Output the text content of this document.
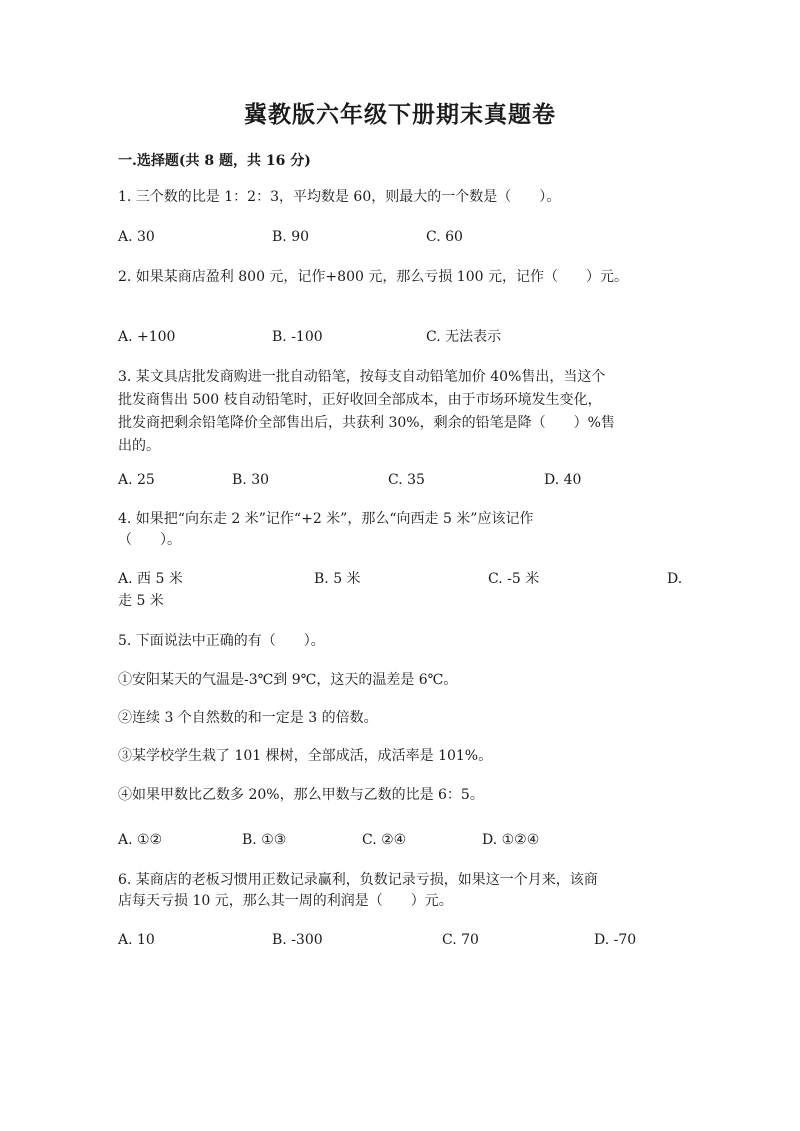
冀教版六年级下册期末真题卷
一.选择题(共 8 题，共 16 分)
1. 三个数的比是 1：2：3，平均数是 60，则最大的一个数是（　　）。
A. 30	B. 90	C. 60
2. 如果某商店盈利 800 元，记作+800 元，那么亏损 100 元，记作（　　）元。
A. +100	B. -100	C. 无法表示
3. 某文具店批发商购进一批自动铅笔，按每支自动铅笔加价 40%售出，当这个
批发商售出 500 枝自动铅笔时，正好收回全部成本，由于市场环境发生变化，
批发商把剩余铅笔降价全部售出后，共获利 30%，剩余的铅笔是降（　　）%售
出的。
A. 25	B. 30	C. 35	D. 40
4. 如果把“向东走 2 米”记作“+2 米”，那么“向西走 5 米”应该记作
（　　）。
A. 西 5 米	B. 5 米	C. -5 米	D.
走 5 米
5. 下面说法中正确的有（　　）。
①安阳某天的气温是-3℃到 9℃，这天的温差是 6℃。
②连续 3 个自然数的和一定是 3 的倍数。
③某学校学生栽了 101 棵树，全部成活，成活率是 101%。
④如果甲数比乙数多 20%，那么甲数与乙数的比是 6：5。
A. ①②	B. ①③	C. ②④	D. ①②④
6. 某商店的老板习惯用正数记录赢利，负数记录亏损，如果这一个月来，该商
店每天亏损 10 元，那么其一周的利润是（　　）元。
A. 10	B. -300	C. 70	D. -70
